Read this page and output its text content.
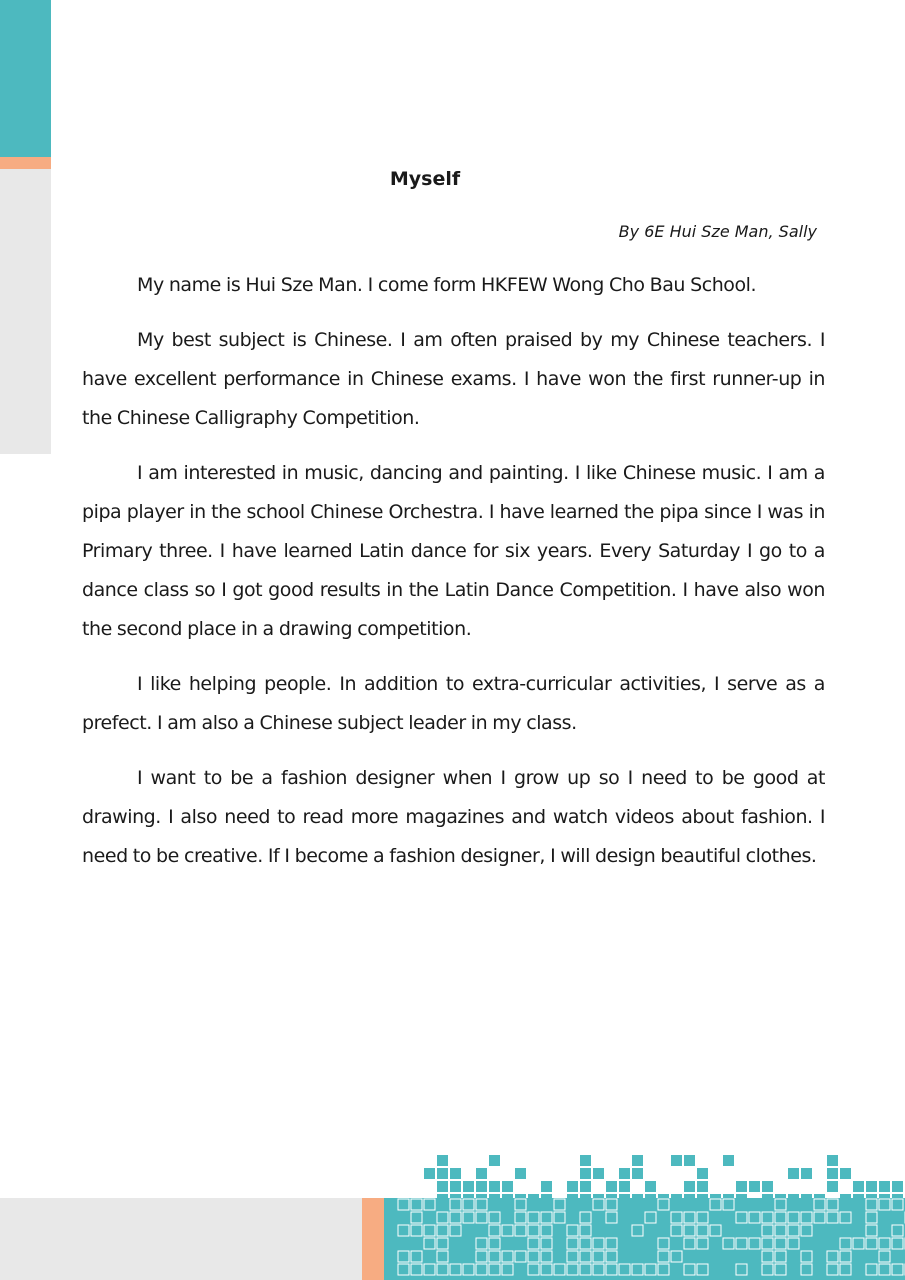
Myself

By 6E Hui Sze Man, Sally

My name is Hui Sze Man. I come form HKFEW Wong Cho Bau School.

My best subject is Chinese. I am often praised by my Chinese teachers. I have excellent performance in Chinese exams. I have won the first runner-up in the Chinese Calligraphy Competition.

I am interested in music, dancing and painting. I like Chinese music. I am a pipa player in the school Chinese Orchestra. I have learned the pipa since I was in Primary three. I have learned Latin dance for six years. Every Saturday I go to a dance class so I got good results in the Latin Dance Competition. I have also won the second place in a drawing competition.

I like helping people. In addition to extra-curricular activities, I serve as a prefect. I am also a Chinese subject leader in my class.

I want to be a fashion designer when I grow up so I need to be good at drawing. I also need to read more magazines and watch videos about fashion. I need to be creative. If I become a fashion designer, I will design beautiful clothes.
